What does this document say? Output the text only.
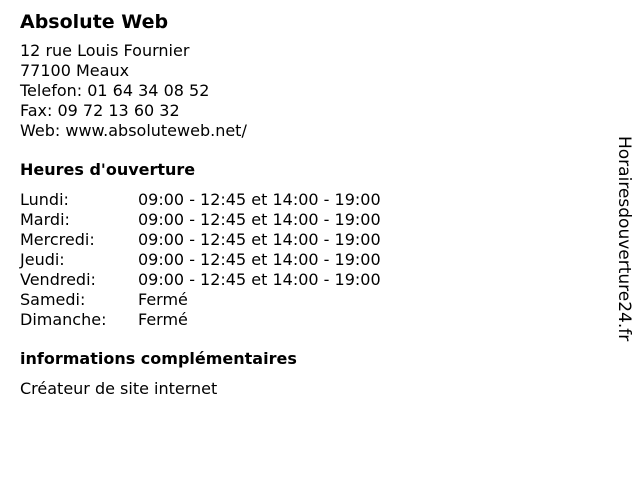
Absolute Web
12 rue Louis Fournier
77100 Meaux
Telefon: 01 64 34 08 52
Fax: 09 72 13 60 32
Web: www.absoluteweb.net/
Heures d'ouverture
Lundi:	09:00 - 12:45 et 14:00 - 19:00
Mardi:	09:00 - 12:45 et 14:00 - 19:00
Mercredi:	09:00 - 12:45 et 14:00 - 19:00
Jeudi:	09:00 - 12:45 et 14:00 - 19:00
Vendredi:	09:00 - 12:45 et 14:00 - 19:00
Samedi:	Fermé
Dimanche:	Fermé
informations complémentaires
Créateur de site internet
Horairesdouverture24.fr
